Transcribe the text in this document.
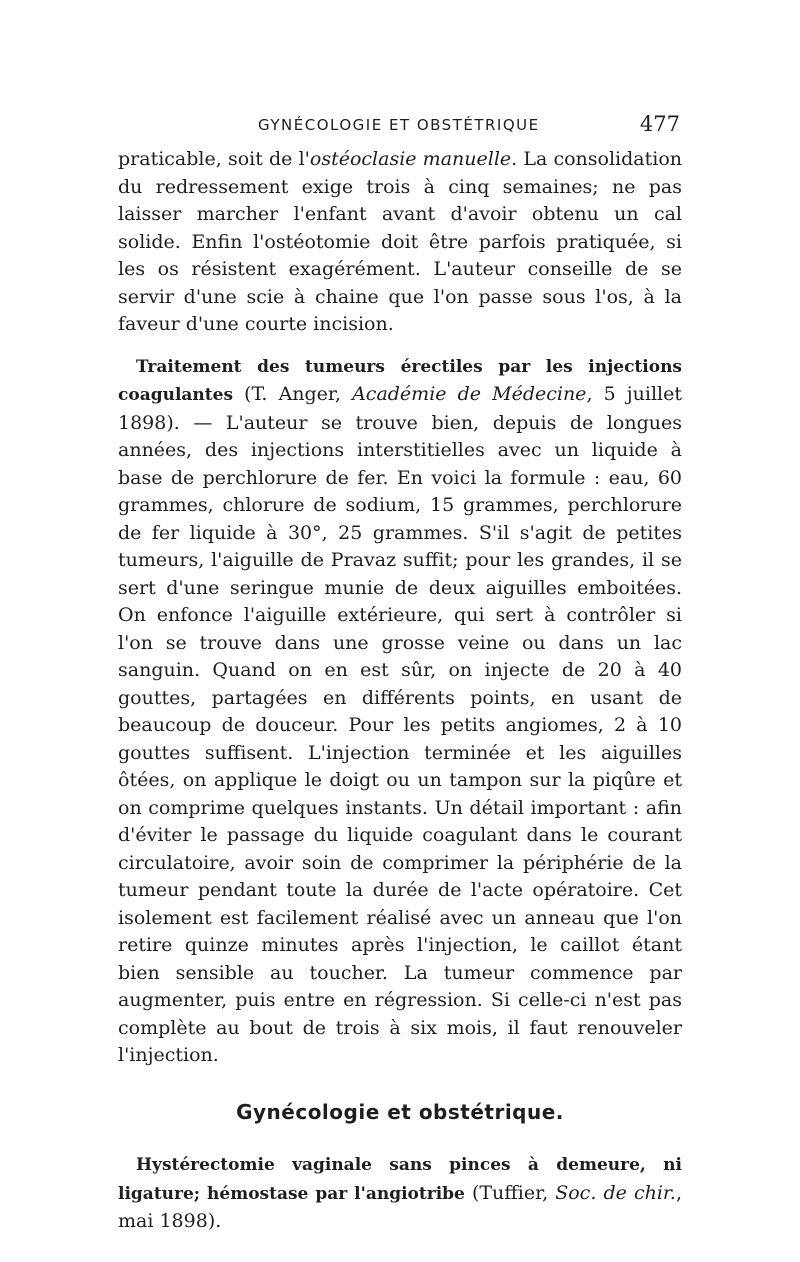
GYNÉCOLOGIE ET OBSTÉTRIQUE	477

praticable, soit de l'ostéoclasie manuelle. La consolidation du redressement exige trois à cinq semaines; ne pas laisser marcher l'enfant avant d'avoir obtenu un cal solide. Enfin l'ostéotomie doit être parfois pratiquée, si les os résistent exagérément. L'auteur conseille de se servir d'une scie à chaine que l'on passe sous l'os, à la faveur d'une courte incision.

Traitement des tumeurs érectiles par les injections coagulantes (T. Anger, Académie de Médecine, 5 juillet 1898). — L'auteur se trouve bien, depuis de longues années, des injections interstitielles avec un liquide à base de perchlorure de fer. En voici la formule : eau, 60 grammes, chlorure de sodium, 15 grammes, perchlorure de fer liquide à 30°, 25 grammes. S'il s'agit de petites tumeurs, l'aiguille de Pravaz suffit; pour les grandes, il se sert d'une seringue munie de deux aiguilles emboitées. On enfonce l'aiguille extérieure, qui sert à contrôler si l'on se trouve dans une grosse veine ou dans un lac sanguin. Quand on en est sûr, on injecte de 20 à 40 gouttes, partagées en différents points, en usant de beaucoup de douceur. Pour les petits angiomes, 2 à 10 gouttes suffisent. L'injection terminée et les aiguilles ôtées, on applique le doigt ou un tampon sur la piqûre et on comprime quelques instants. Un détail important : afin d'éviter le passage du liquide coagulant dans le courant circulatoire, avoir soin de comprimer la périphérie de la tumeur pendant toute la durée de l'acte opératoire. Cet isolement est facilement réalisé avec un anneau que l'on retire quinze minutes après l'injection, le caillot étant bien sensible au toucher. La tumeur commence par augmenter, puis entre en régression. Si celle-ci n'est pas complète au bout de trois à six mois, il faut renouveler l'injection.

Gynécologie et obstétrique.

Hystérectomie vaginale sans pinces à demeure, ni ligature; hémostase par l'angiotribe (Tuffier, Soc. de chir., mai 1898).
